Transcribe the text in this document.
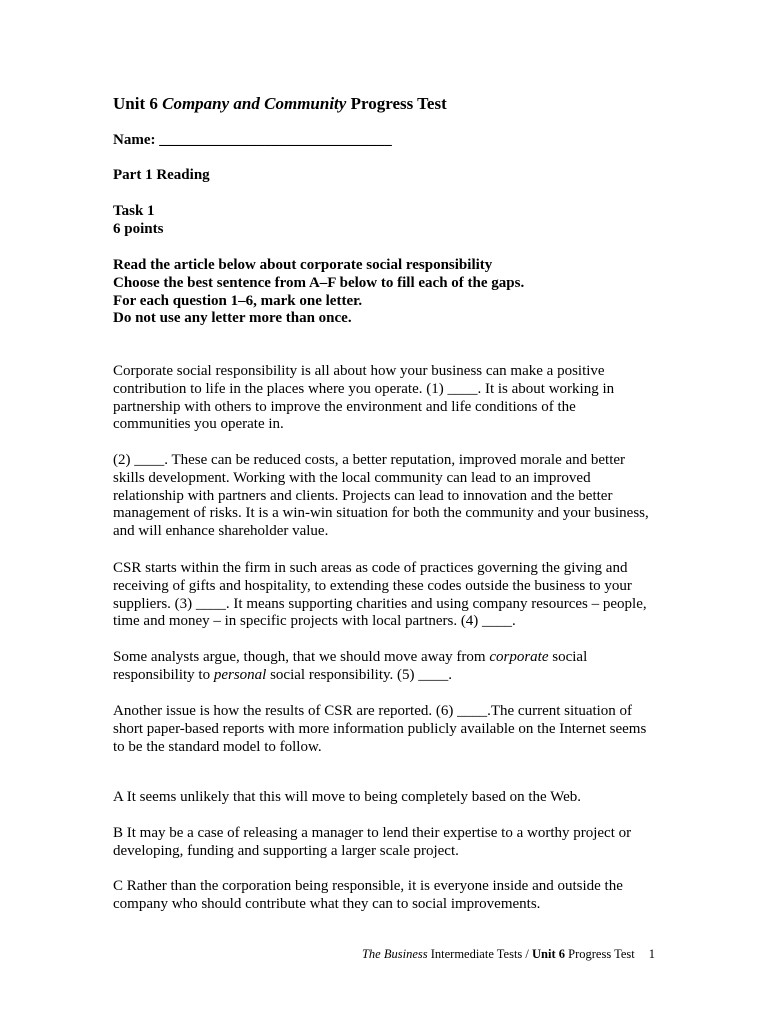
Unit 6 Company and Community Progress Test

Name: _______________________________

Part 1 Reading

Task 1
6 points
Read the article below about corporate social responsibility
Choose the best sentence from A–F below to fill each of the gaps.
For each question 1–6, mark one letter.
Do not use any letter more than once.
Corporate social responsibility is all about how your business can make a positive
contribution to life in the places where you operate. (1) ____. It is about working in
partnership with others to improve the environment and life conditions of the
communities you operate in.
(2) ____. These can be reduced costs, a better reputation, improved morale and better
skills development. Working with the local community can lead to an improved
relationship with partners and clients. Projects can lead to innovation and the better
management of risks. It is a win-win situation for both the community and your business,
and will enhance shareholder value.
CSR starts within the firm in such areas as code of practices governing the giving and
receiving of gifts and hospitality, to extending these codes outside the business to your
suppliers. (3) ____. It means supporting charities and using company resources – people,
time and money – in specific projects with local partners. (4) ____.
Some analysts argue, though, that we should move away from corporate social
responsibility to personal social responsibility. (5) ____.
Another issue is how the results of CSR are reported. (6) ____.The current situation of
short paper-based reports with more information publicly available on the Internet seems
to be the standard model to follow.
A It seems unlikely that this will move to being completely based on the Web.
B It may be a case of releasing a manager to lend their expertise to a worthy project or
developing, funding and supporting a larger scale project.
C Rather than the corporation being responsible, it is everyone inside and outside the
company who should contribute what they can to social improvements.
The Business Intermediate Tests / Unit 6 Progress Test 1
